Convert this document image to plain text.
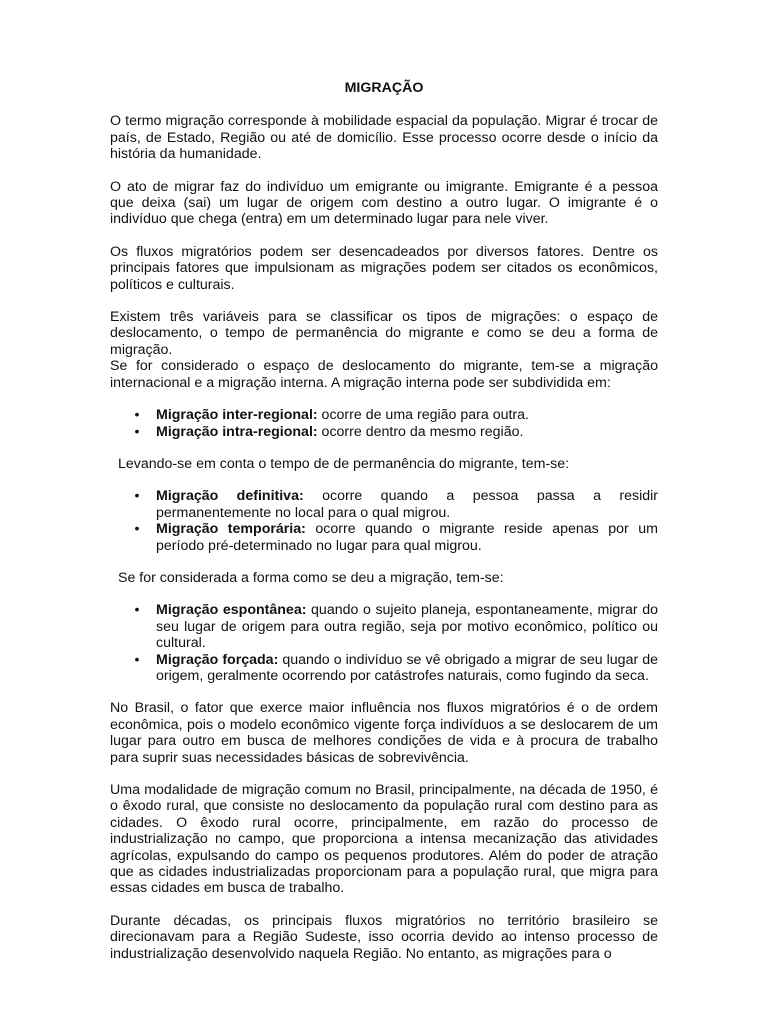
MIGRAÇÃO

O termo migração corresponde à mobilidade espacial da população. Migrar é trocar de país, de Estado, Região ou até de domicílio. Esse processo ocorre desde o início da história da humanidade.

O ato de migrar faz do indivíduo um emigrante ou imigrante. Emigrante é a pessoa que deixa (sai) um lugar de origem com destino a outro lugar. O imigrante é o indivíduo que chega (entra) em um determinado lugar para nele viver.

Os fluxos migratórios podem ser desencadeados por diversos fatores. Dentre os principais fatores que impulsionam as migrações podem ser citados os econômicos, políticos e culturais.

Existem três variáveis para se classificar os tipos de migrações: o espaço de deslocamento, o tempo de permanência do migrante e como se deu a forma de migração.

Se for considerado o espaço de deslocamento do migrante, tem-se a migração internacional e a migração interna. A migração interna pode ser subdividida em:

• Migração inter-regional: ocorre de uma região para outra.
• Migração intra-regional: ocorre dentro da mesmo região.

Levando-se em conta o tempo de de permanência do migrante, tem-se:

• Migração definitiva: ocorre quando a pessoa passa a residir permanentemente no local para o qual migrou.
• Migração temporária: ocorre quando o migrante reside apenas por um período pré-determinado no lugar para qual migrou.

Se for considerada a forma como se deu a migração, tem-se:

• Migração espontânea: quando o sujeito planeja, espontaneamente, migrar do seu lugar de origem para outra região, seja por motivo econômico, político ou cultural.
• Migração forçada: quando o indivíduo se vê obrigado a migrar de seu lugar de origem, geralmente ocorrendo por catástrofes naturais, como fugindo da seca.

No Brasil, o fator que exerce maior influência nos fluxos migratórios é o de ordem econômica, pois o modelo econômico vigente força indivíduos a se deslocarem de um lugar para outro em busca de melhores condições de vida e à procura de trabalho para suprir suas necessidades básicas de sobrevivência.

Uma modalidade de migração comum no Brasil, principalmente, na década de 1950, é o êxodo rural, que consiste no deslocamento da população rural com destino para as cidades. O êxodo rural ocorre, principalmente, em razão do processo de industrialização no campo, que proporciona a intensa mecanização das atividades agrícolas, expulsando do campo os pequenos produtores. Além do poder de atração que as cidades industrializadas proporcionam para a população rural, que migra para essas cidades em busca de trabalho.

Durante décadas, os principais fluxos migratórios no território brasileiro se direcionavam para a Região Sudeste, isso ocorria devido ao intenso processo de industrialização desenvolvido naquela Região. No entanto, as migrações para o
